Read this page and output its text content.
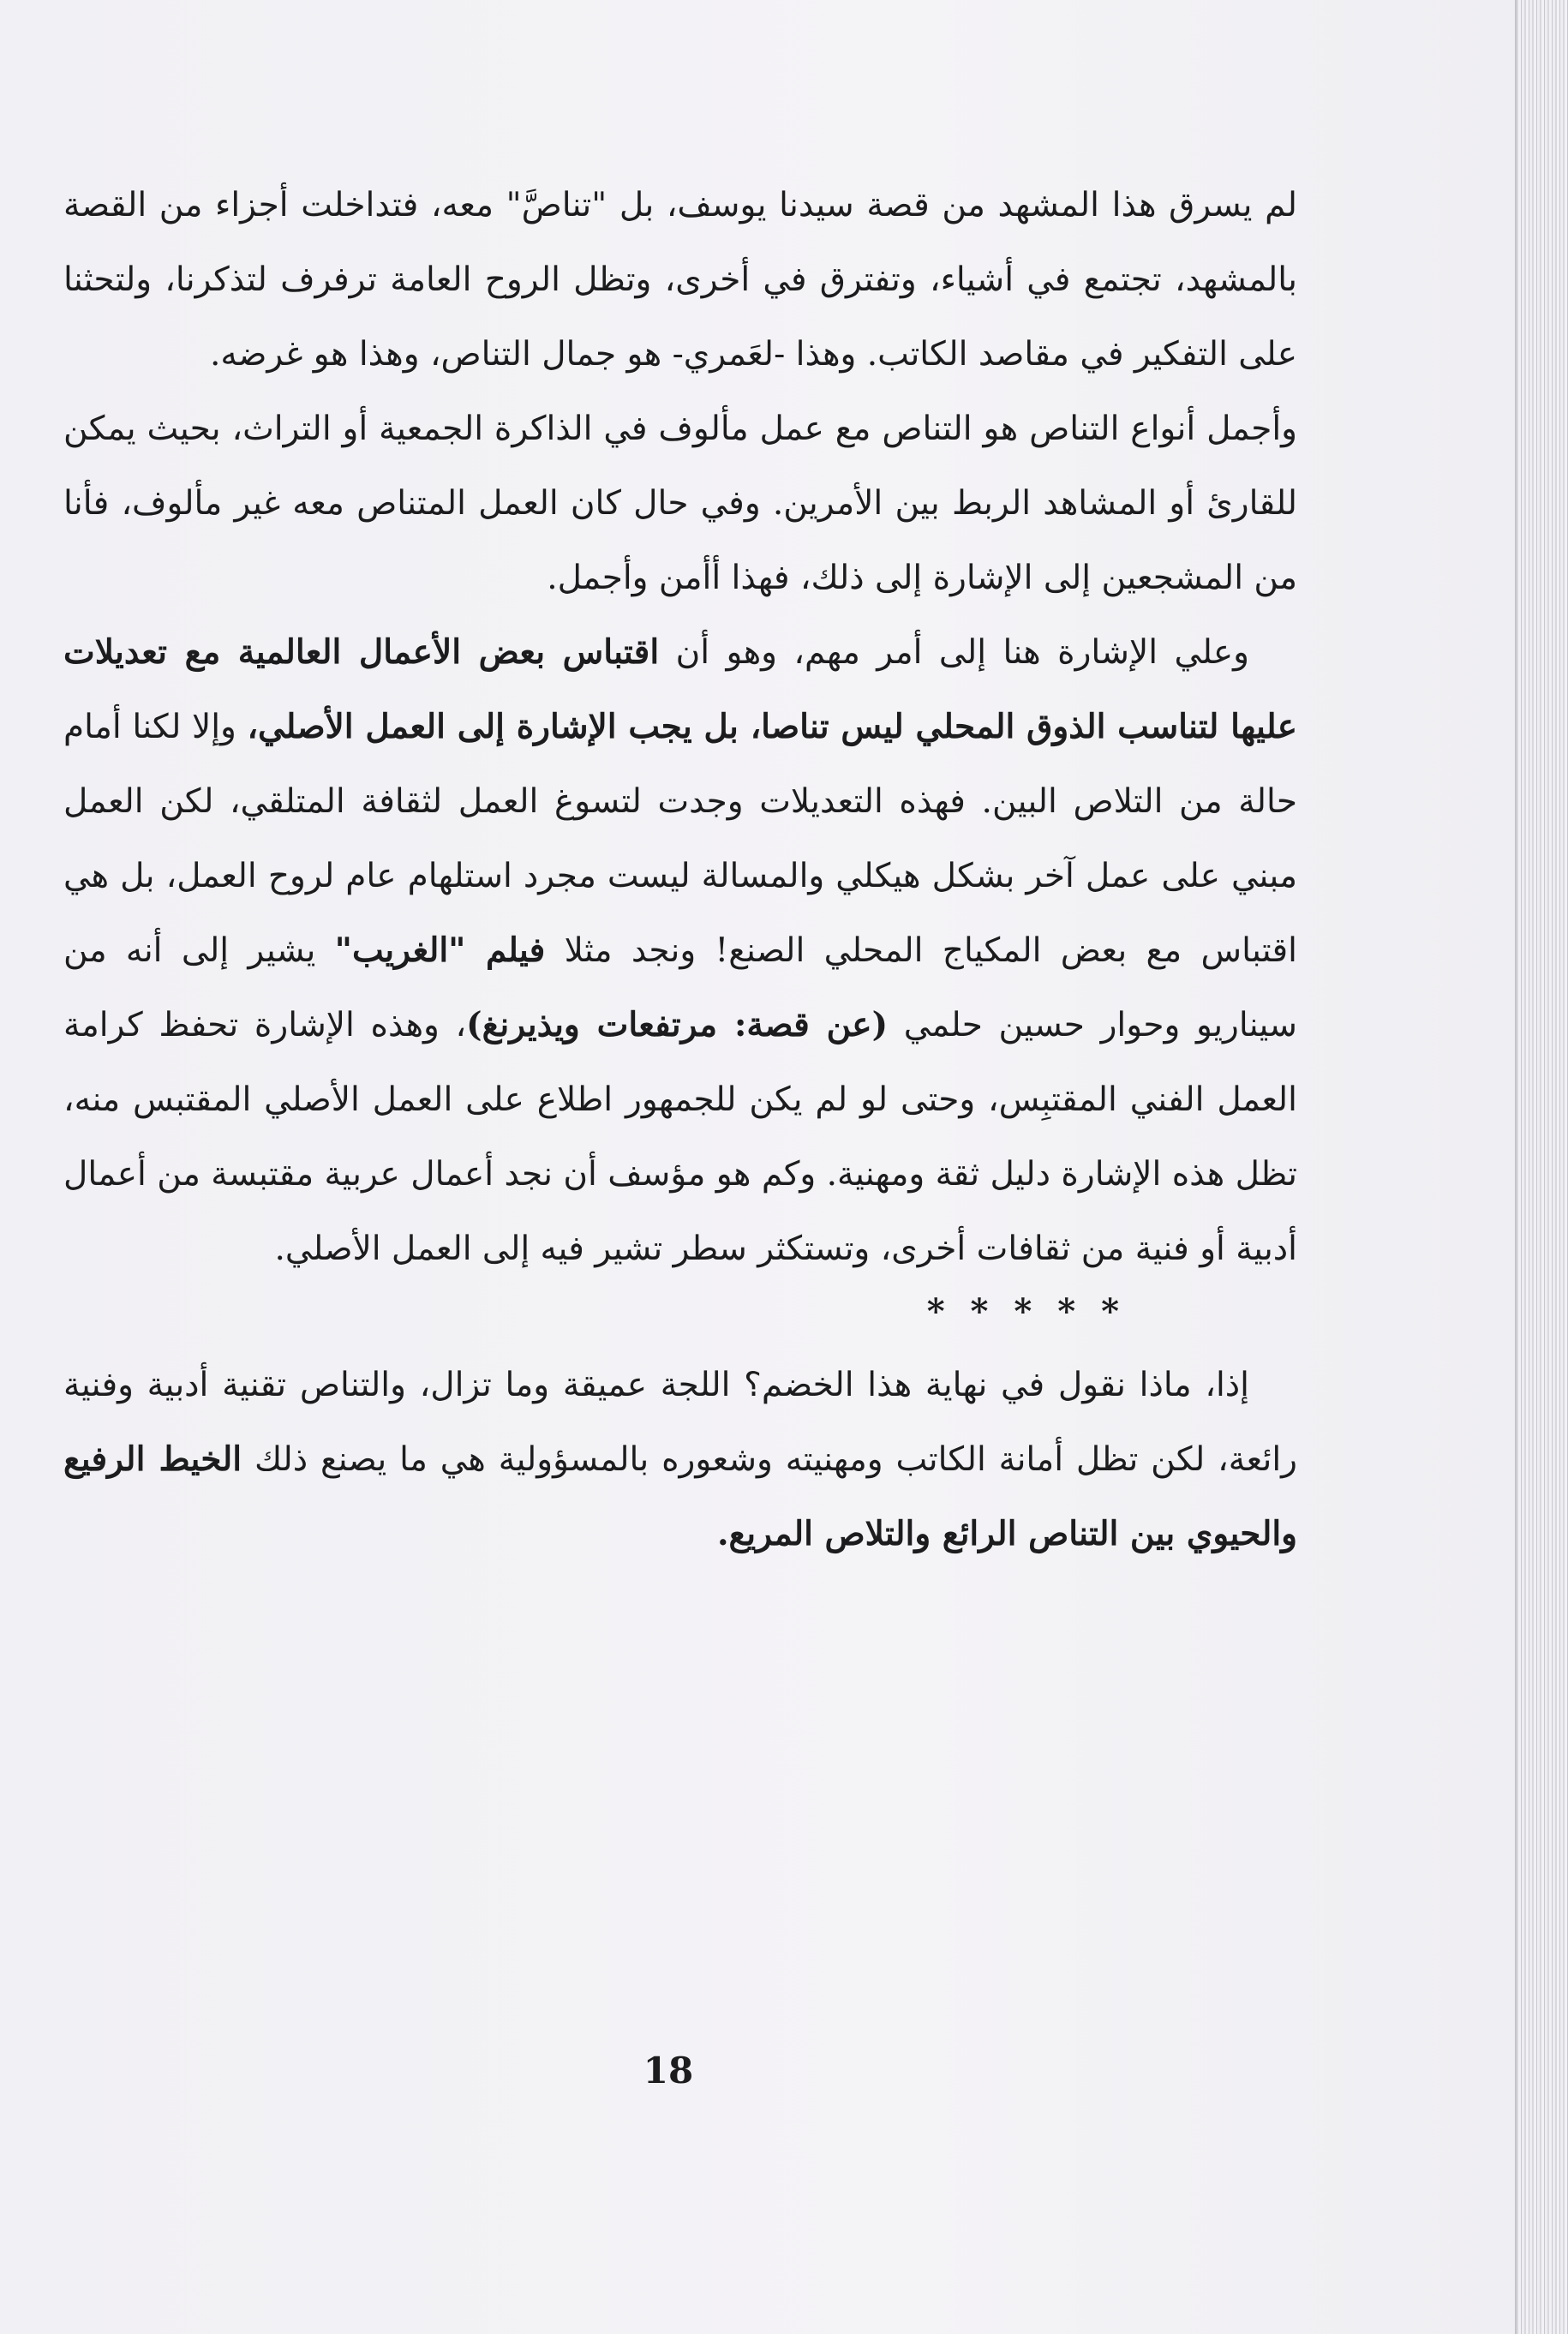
لم يسرق هذا المشهد من قصة سيدنا يوسف، بل "تناصَّ" معه، فتداخلت أجزاء من القصة بالمشهد، تجتمع في أشياء، وتفترق في أخرى، وتظل الروح العامة ترفرف لتذكرنا، ولتحثنا على التفكير في مقاصد الكاتب. وهذا -لعَمري- هو جمال التناص، وهذا هو غرضه.

وأجمل أنواع التناص هو التناص مع عمل مألوف في الذاكرة الجمعية أو التراث، بحيث يمكن للقارئ أو المشاهد الربط بين الأمرين. وفي حال كان العمل المتناص معه غير مألوف، فأنا من المشجعين إلى الإشارة إلى ذلك، فهذا أأمن وأجمل.

وعلي الإشارة هنا إلى أمر مهم، وهو أن اقتباس بعض الأعمال العالمية مع تعديلات عليها لتناسب الذوق المحلي ليس تناصا، بل يجب الإشارة إلى العمل الأصلي، وإلا لكنا أمام حالة من التلاص البين. فهذه التعديلات وجدت لتسوغ العمل لثقافة المتلقي، لكن العمل مبني على عمل آخر بشكل هيكلي والمسالة ليست مجرد استلهام عام لروح العمل، بل هي اقتباس مع بعض المكياج المحلي الصنع! ونجد مثلا فيلم "الغريب" يشير إلى أنه من سيناريو وحوار حسين حلمي (عن قصة: مرتفعات ويذيرنغ)، وهذه الإشارة تحفظ كرامة العمل الفني المقتبِس، وحتى لو لم يكن للجمهور اطلاع على العمل الأصلي المقتبس منه، تظل هذه الإشارة دليل ثقة ومهنية. وكم هو مؤسف أن نجد أعمال عربية مقتبسة من أعمال أدبية أو فنية من ثقافات أخرى، وتستكثر سطر تشير فيه إلى العمل الأصلي.

* * * * *

إذا، ماذا نقول في نهاية هذا الخضم؟ اللجة عميقة وما تزال، والتناص تقنية أدبية وفنية رائعة، لكن تظل أمانة الكاتب ومهنيته وشعوره بالمسؤولية هي ما يصنع ذلك الخيط الرفيع والحيوي بين التناص الرائع والتلاص المريع.

18
